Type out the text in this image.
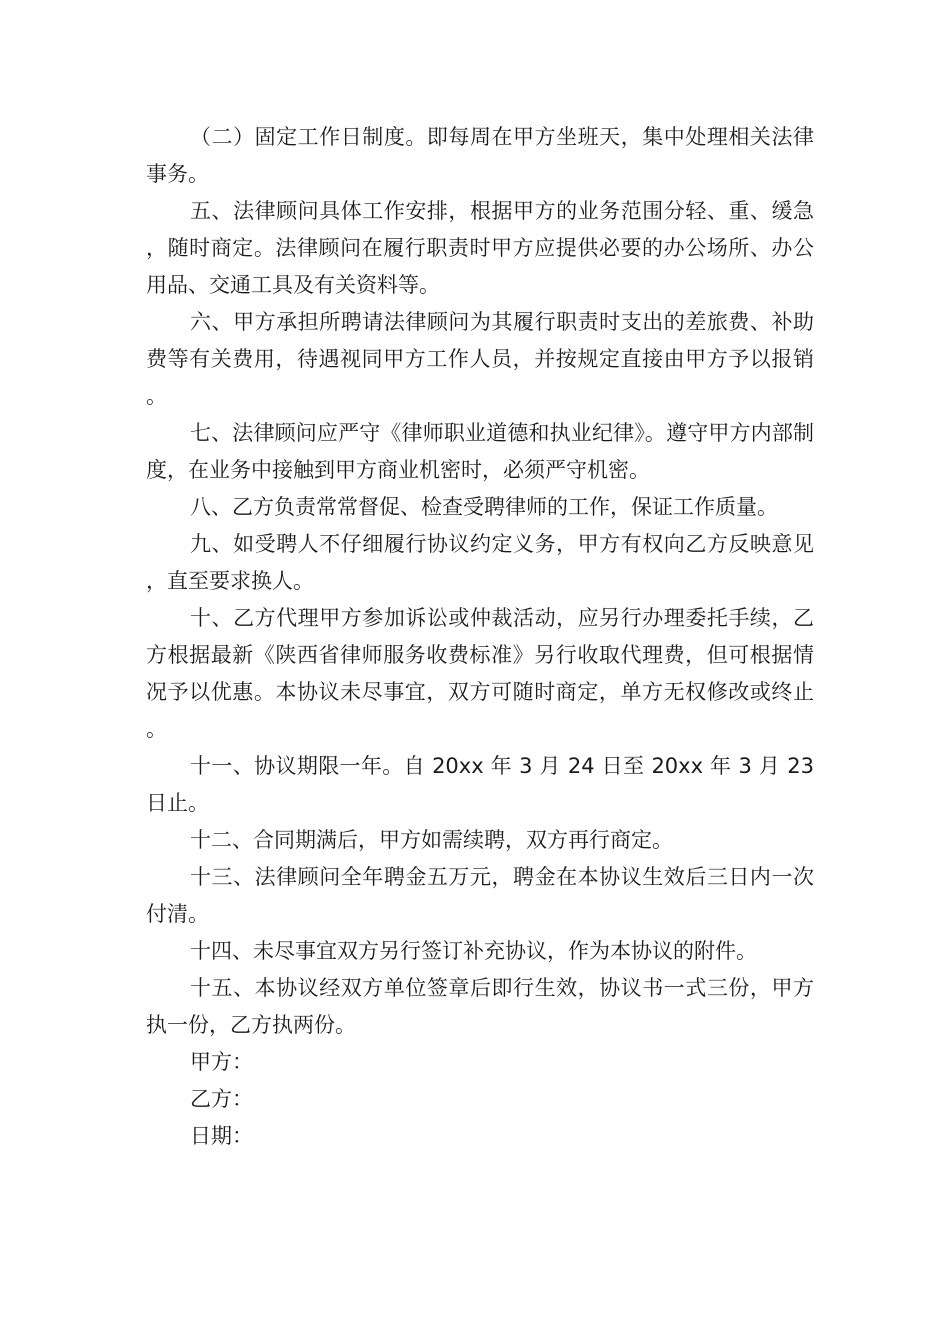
（二）固定工作日制度。即每周在甲方坐班天，集中处理相关法律事务。

五、法律顾问具体工作安排，根据甲方的业务范围分轻、重、缓急，随时商定。法律顾问在履行职责时甲方应提供必要的办公场所、办公用品、交通工具及有关资料等。

六、甲方承担所聘请法律顾问为其履行职责时支出的差旅费、补助费等有关费用，待遇视同甲方工作人员，并按规定直接由甲方予以报销。

七、法律顾问应严守《律师职业道德和执业纪律》。遵守甲方内部制度，在业务中接触到甲方商业机密时，必须严守机密。

八、乙方负责常常督促、检查受聘律师的工作，保证工作质量。

九、如受聘人不仔细履行协议约定义务，甲方有权向乙方反映意见，直至要求换人。

十、乙方代理甲方参加诉讼或仲裁活动，应另行办理委托手续，乙方根据最新《陕西省律师服务收费标准》另行收取代理费，但可根据情况予以优惠。本协议未尽事宜，双方可随时商定，单方无权修改或终止。

十一、协议期限一年。自 20xx 年 3 月 24 日至 20xx 年 3 月 23 日止。

十二、合同期满后，甲方如需续聘，双方再行商定。

十三、法律顾问全年聘金五万元，聘金在本协议生效后三日内一次付清。

十四、未尽事宜双方另行签订补充协议，作为本协议的附件。

十五、本协议经双方单位签章后即行生效，协议书一式三份，甲方执一份，乙方执两份。

甲方：

乙方：

日期：
